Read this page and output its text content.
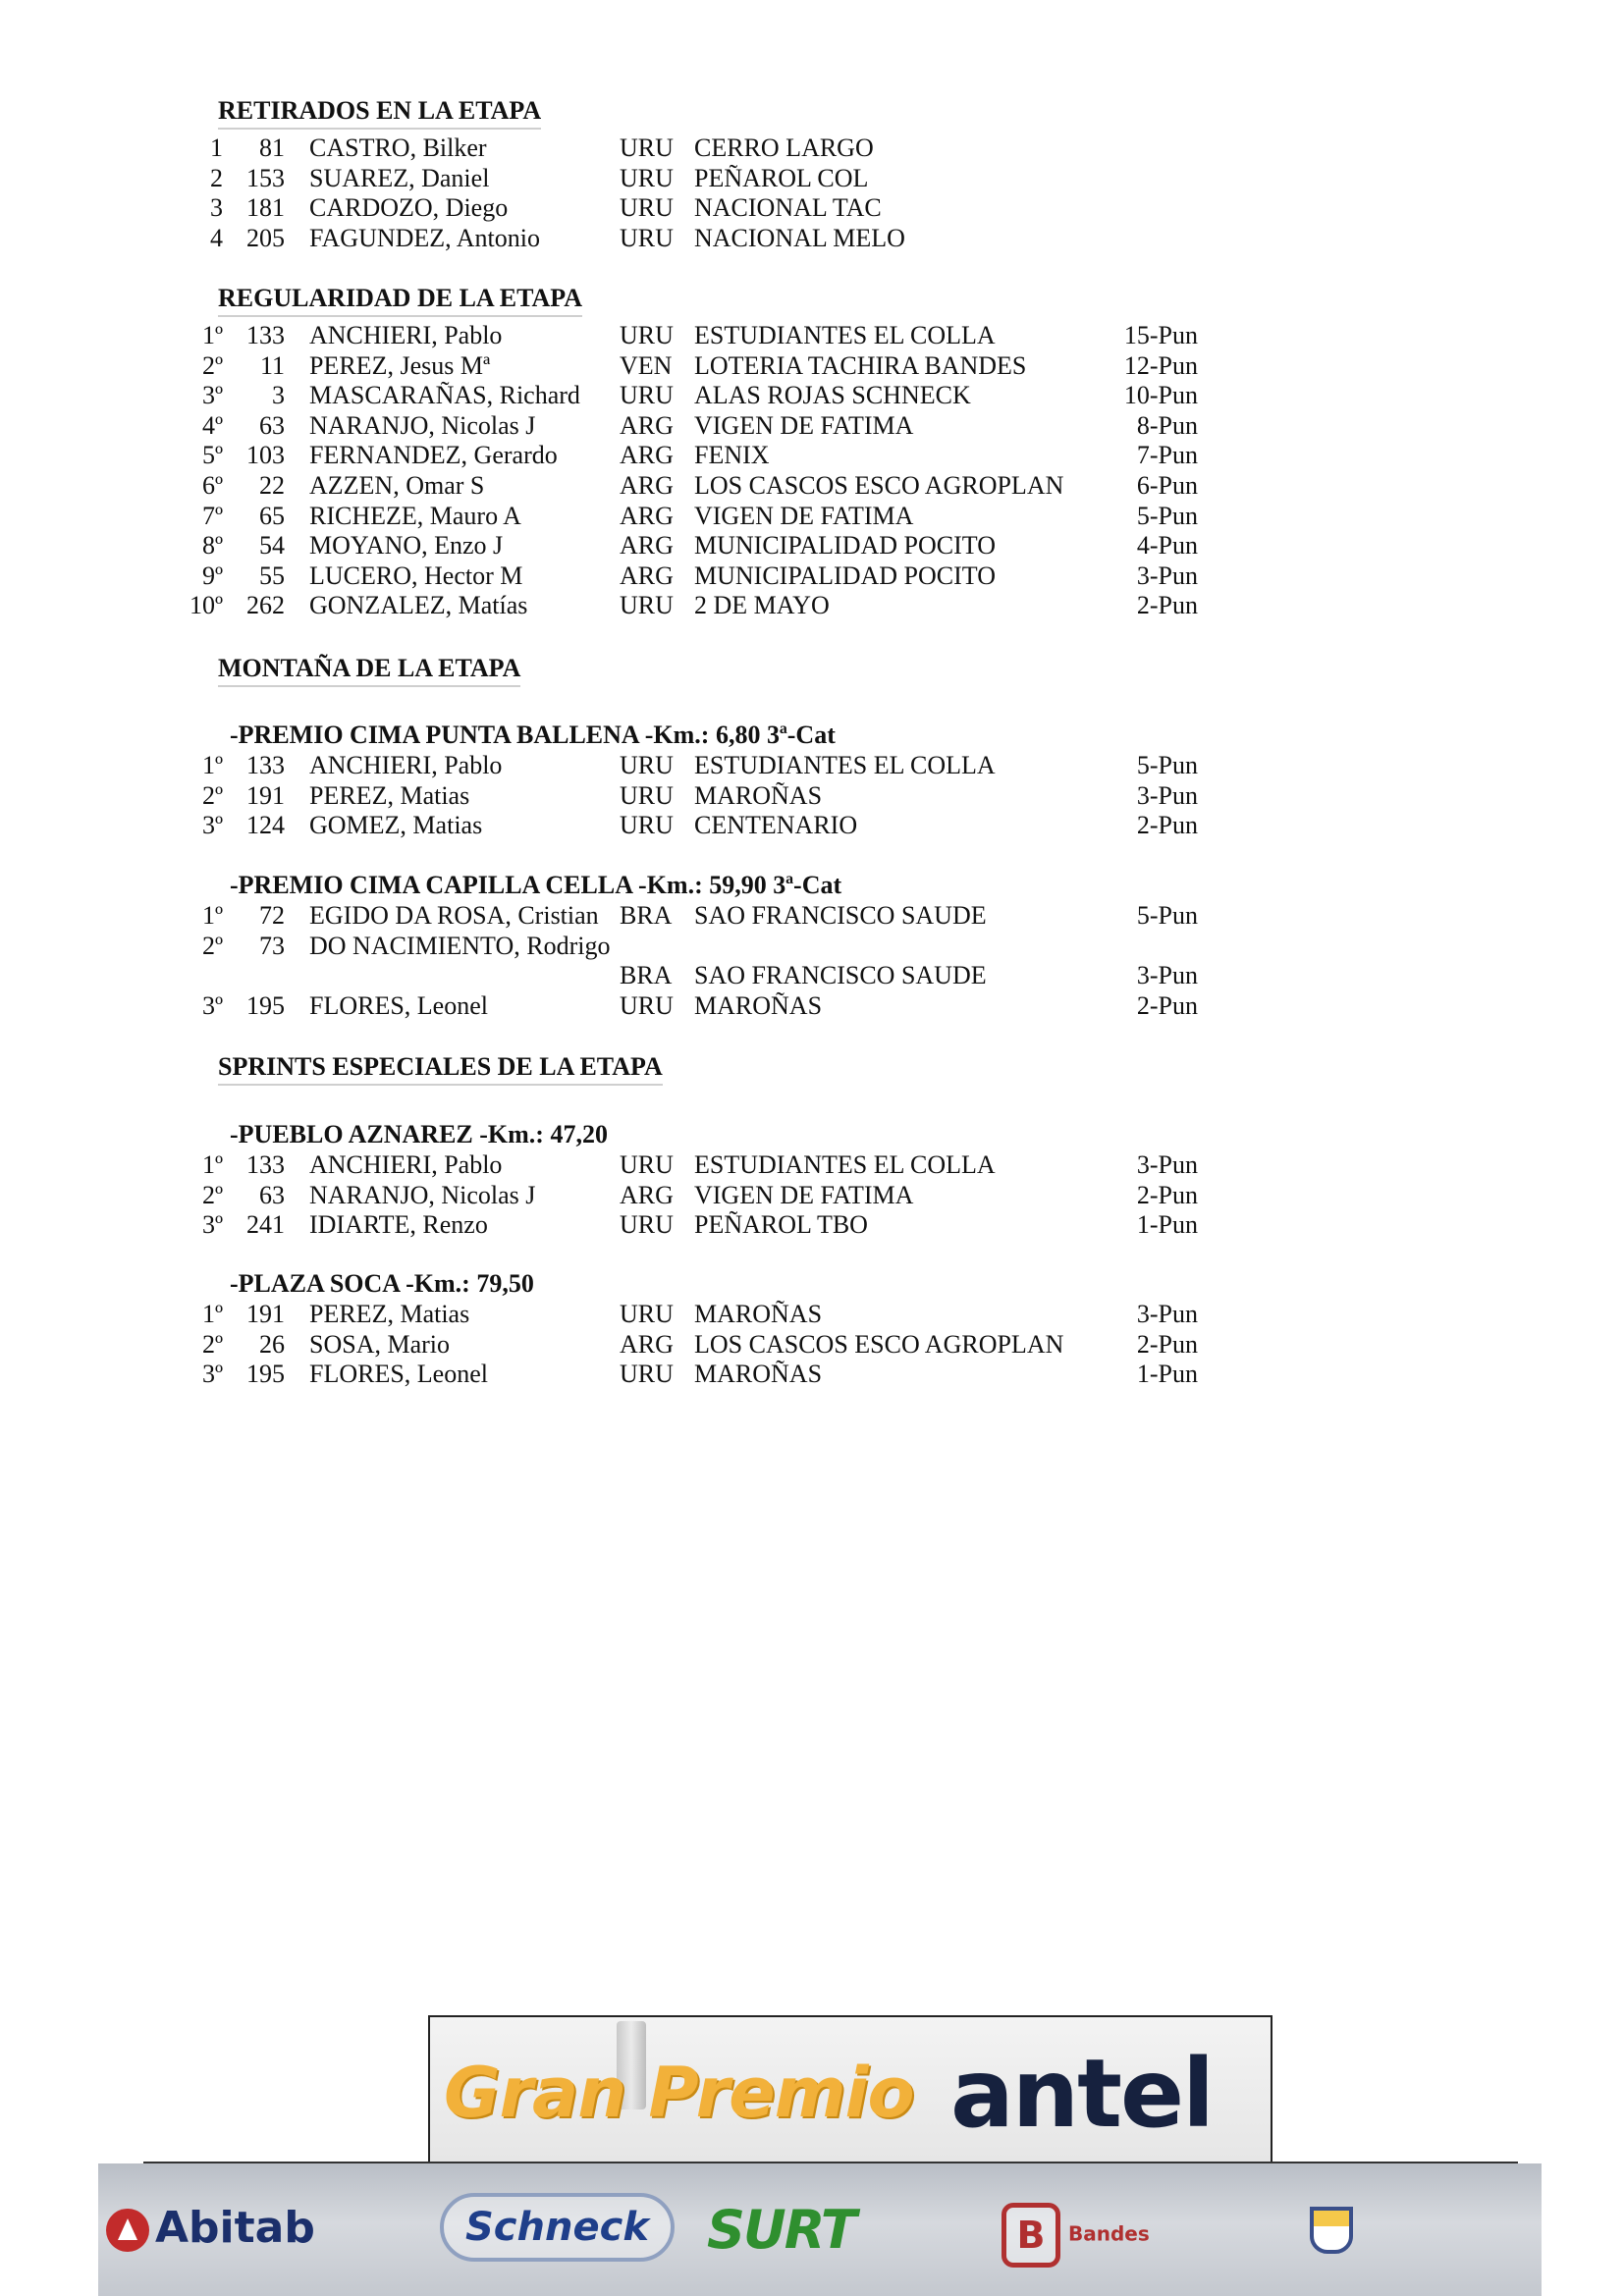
RETIRADOS EN LA ETAPA
REGULARIDAD DE LA ETAPA
MONTAÑA DE LA ETAPA
-PREMIO CIMA PUNTA BALLENA -Km.: 6,80 3ª-Cat
-PREMIO CIMA CAPILLA CELLA -Km.: 59,90 3ª-Cat
SPRINTS ESPECIALES DE LA ETAPA
-PUEBLO AZNAREZ -Km.: 47,20
-PLAZA SOCA -Km.: 79,50
Gran Premio antel
Abitab	Schneck	SURT	B Bandes
1 81 CASTRO, Bilker	URU CERRO LARGO
2 153 SUAREZ, Daniel	URU PEÑAROL COL
3 181 CARDOZO, Diego	URU NACIONAL TAC
4 205 FAGUNDEZ, Antonio	URU NACIONAL MELO
1º 133 ANCHIERI, Pablo	URU ESTUDIANTES EL COLLA	15-Pun
2º 11 PEREZ, Jesus Mª	VEN LOTERIA TACHIRA BANDES	12-Pun
3º 3 MASCARAÑAS, Richard URU ALAS ROJAS SCHNECK	10-Pun
4º 63 NARANJO, Nicolas J	ARG VIGEN DE FATIMA	8-Pun
5º 103 FERNANDEZ, Gerardo ARG FENIX	7-Pun
6º 22 AZZEN, Omar S	ARG LOS CASCOS ESCO AGROPLAN	6-Pun
7º 65 RICHEZE, Mauro A	ARG VIGEN DE FATIMA	5-Pun
8º 54 MOYANO, Enzo J	ARG MUNICIPALIDAD POCITO	4-Pun
9º 55 LUCERO, Hector M	ARG MUNICIPALIDAD POCITO	3-Pun
10º 262 GONZALEZ, Matías	URU 2 DE MAYO	2-Pun
1º 133 ANCHIERI, Pablo	URU ESTUDIANTES EL COLLA	5-Pun
2º 191 PEREZ, Matias	URU MAROÑAS	3-Pun
3º 124 GOMEZ, Matias	URU CENTENARIO	2-Pun
1º 72 EGIDO DA ROSA, Cristian BRA SAO FRANCISCO SAUDE	5-Pun
2º 73 DO NACIMIENTO, Rodrigo
BRA SAO FRANCISCO SAUDE	3-Pun
3º 195 FLORES, Leonel	URU MAROÑAS	2-Pun
1º 133 ANCHIERI, Pablo	URU ESTUDIANTES EL COLLA	3-Pun
2º 63 NARANJO, Nicolas J	ARG VIGEN DE FATIMA	2-Pun
3º 241 IDIARTE, Renzo	URU PEÑAROL TBO	1-Pun
1º 191 PEREZ, Matias	URU MAROÑAS	3-Pun
2º 26 SOSA, Mario	ARG LOS CASCOS ESCO AGROPLAN	2-Pun
3º 195 FLORES, Leonel	URU MAROÑAS	1-Pun
